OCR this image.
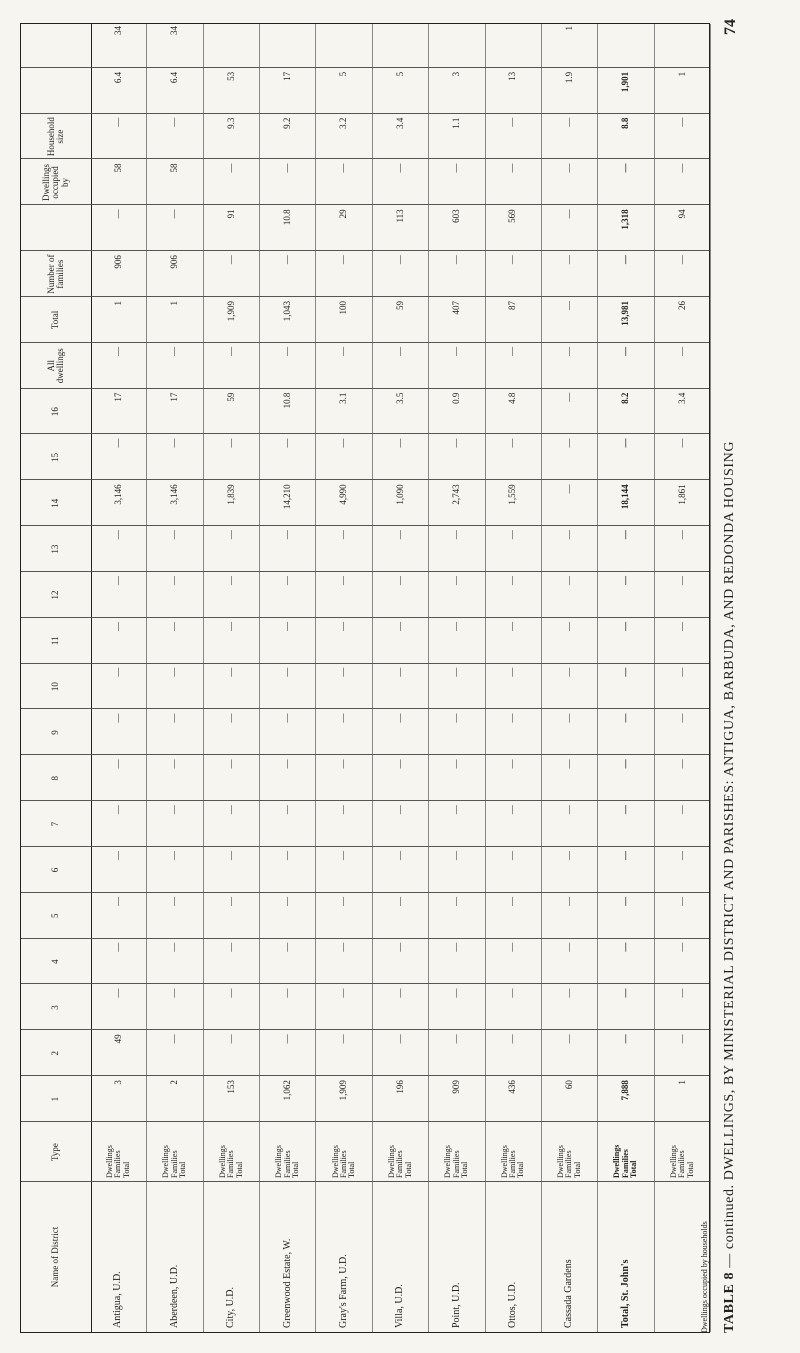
Name of District
Type
1
2
3
4
5
6
7
8
9
10
11
12
13
14
15
16
All dwellings
Total
Number of families
Dwellings occupied by
Household size
Antigua, U.D.
Dwellings Families Total
3
49
—
—
—
—
—
—
—
—
—
—
—
3,146
—
17
—
1
906
—
58
—
6.4
34
Aberdeen, U.D.
Dwellings Families Total
2
—
—
—
—
—
—
—
—
—
—
—
—
3,146
—
17
—
1
906
—
58
—
6.4
34
City, U.D.
Dwellings Families Total
153
—
—
—
—
—
—
—
—
—
—
—
—
1,839
—
59
—
1,909
—
91
—
9.3
53
Greenwood Estate, W.
Dwellings Families Total
1,062
—
—
—
—
—
—
—
—
—
—
—
—
14,210
—
10.8
—
1,043
—
10.8
—
9.2
17
Gray's Farm, U.D.
Dwellings Families Total
1,909
—
—
—
—
—
—
—
—
—
—
—
—
4,990
—
3.1
—
100
—
29
—
3.2
5
Villa, U.D.
Dwellings Families Total
196
—
—
—
—
—
—
—
—
—
—
—
—
1,090
—
3.5
—
59
—
113
—
3.4
5
Point, U.D.
Dwellings Families Total
909
—
—
—
—
—
—
—
—
—
—
—
—
2,743
—
0.9
—
407
—
603
—
1.1
3
Ottos, U.D.
Dwellings Families Total
436
—
—
—
—
—
—
—
—
—
—
—
—
1,559
—
4.8
—
87
—
569
—
—
13
Cassada Gardens
Dwellings Families Total
60
—
—
—
—
—
—
—
—
—
—
—
—
—
—
—
—
—
—
—
—
—
1.9
1
Total, St. John's
Dwellings Families Total
7,888
—
—
—
—
—
—
—
—
—
—
—
—
18,144
—
8.2
—
13,981
—
1,318
—
8.8
1,901
Dwellings Families Total
1
—
—
—
—
—
—
—
—
—
—
—
—
1,861
—
3.4
—
26
—
94
—
—
1
Dwellings occupied by households TABLE 8 — continued. DWELLINGS, BY MINISTERIAL DISTRICT AND PARISHES: ANTIGUA, BARBUDA, AND REDONDA HOUSING
74
